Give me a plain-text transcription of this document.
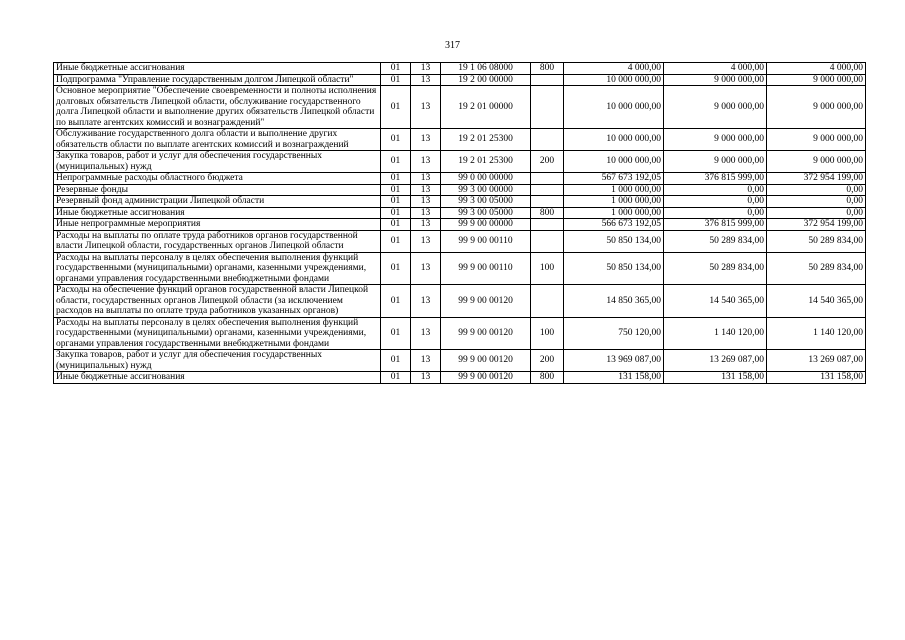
317
Иные бюджетные ассигнования	01	13	19 1 06 08000	800	4 000,00	4 000,00	4 000,00
Подпрограмма "Управление государственным долгом Липецкой области"	01	13	19 2 00 00000		10 000 000,00	9 000 000,00	9 000 000,00
Основное мероприятие "Обеспечение своевременности и полноты исполнения долговых обязательств Липецкой области, обслуживание государственного долга Липецкой области и выполнение других обязательств Липецкой области по выплате агентских комиссий и вознаграждений"	01	13	19 2 01 00000		10 000 000,00	9 000 000,00	9 000 000,00
Обслуживание государственного долга области и выполнение других обязательств области по выплате агентских комиссий и вознаграждений	01	13	19 2 01 25300		10 000 000,00	9 000 000,00	9 000 000,00
Закупка товаров, работ и услуг для обеспечения государственных (муниципальных) нужд	01	13	19 2 01 25300	200	10 000 000,00	9 000 000,00	9 000 000,00
Непрограммные расходы областного бюджета	01	13	99 0 00 00000		567 673 192,05	376 815 999,00	372 954 199,00
Резервные фонды	01	13	99 3 00 00000		1 000 000,00	0,00	0,00
Резервный фонд администрации Липецкой области	01	13	99 3 00 05000		1 000 000,00	0,00	0,00
Иные бюджетные ассигнования	01	13	99 3 00 05000	800	1 000 000,00	0,00	0,00
Иные непрограммные мероприятия	01	13	99 9 00 00000		566 673 192,05	376 815 999,00	372 954 199,00
Расходы на выплаты по оплате труда работников органов государственной власти Липецкой области, государственных органов Липецкой области	01	13	99 9 00 00110		50 850 134,00	50 289 834,00	50 289 834,00
Расходы на выплаты персоналу в целях обеспечения выполнения функций государственными (муниципальными) органами, казенными учреждениями, органами управления государственными внебюджетными фондами	01	13	99 9 00 00110	100	50 850 134,00	50 289 834,00	50 289 834,00
Расходы на обеспечение функций органов государственной власти Липецкой области, государственных органов Липецкой области (за исключением расходов на выплаты по оплате труда работников указанных органов)	01	13	99 9 00 00120		14 850 365,00	14 540 365,00	14 540 365,00
Расходы на выплаты персоналу в целях обеспечения выполнения функций государственными (муниципальными) органами, казенными учреждениями, органами управления государственными внебюджетными фондами	01	13	99 9 00 00120	100	750 120,00	1 140 120,00	1 140 120,00
Закупка товаров, работ и услуг для обеспечения государственных (муниципальных) нужд	01	13	99 9 00 00120	200	13 969 087,00	13 269 087,00	13 269 087,00
Иные бюджетные ассигнования	01	13	99 9 00 00120	800	131 158,00	131 158,00	131 158,00
